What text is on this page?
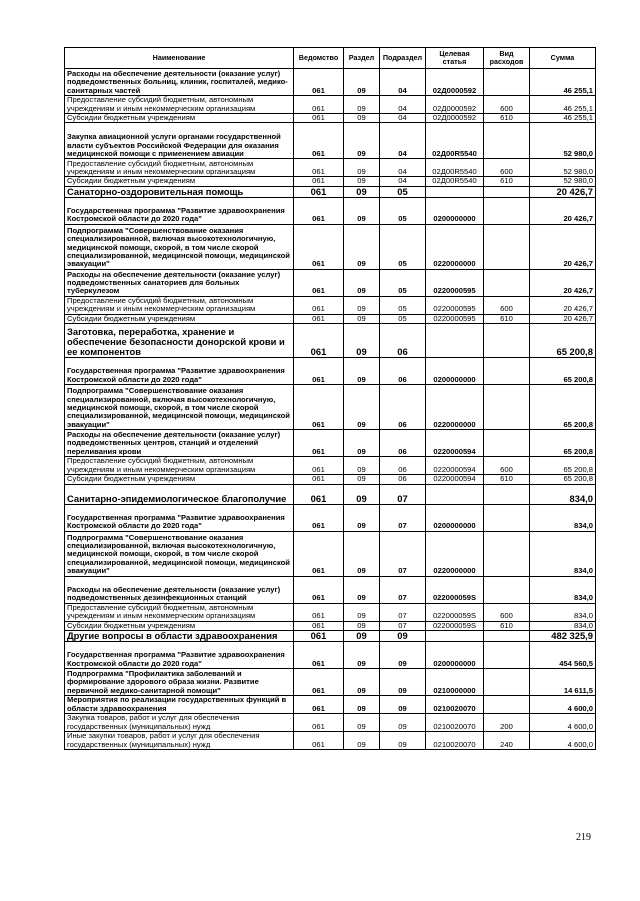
Наименование	Ведомство	Раздел	Подраздел	Целевая статья	Вид расходов	Сумма
Расходы на обеспечение деятельности (оказание услуг) подведомственных больниц, клиник, госпиталей, медико-санитарных частей	061	09	04	02Д0000592		46 255,1
Предоставление субсидий бюджетным, автономным учреждениям и иным некоммерческим организациям	061	09	04	02Д0000592	600	46 255,1
Субсидии бюджетным учреждениям	061	09	04	02Д0000592	610	46 255,1
Закупка авиационной услуги органами государственной власти субъектов Российской Федерации для оказания медицинской помощи с применением авиации	061	09	04	02Д00R5540		52 980,0
Предоставление субсидий бюджетным, автономным учреждениям и иным некоммерческим организациям	061	09	04	02Д00R5540	600	52 980,0
Субсидии бюджетным учреждениям	061	09	04	02Д00R5540	610	52 980,0
Санаторно-оздоровительная помощь	061	09	05			20 426,7
Государственная программа "Развитие здравоохранения Костромской области до 2020 года"	061	09	05	0200000000		20 426,7
Подпрограмма "Совершенствование оказания специализированной, включая высокотехнологичную, медицинской помощи, скорой, в том числе скорой специализированной, медицинской помощи, медицинской эвакуации"	061	09	05	0220000000		20 426,7
Расходы на обеспечение деятельности (оказание услуг) подведомственных санаториев для больных туберкулезом	061	09	05	0220000595		20 426,7
Предоставление субсидий бюджетным, автономным учреждениям и иным некоммерческим организациям	061	09	05	0220000595	600	20 426,7
Субсидии бюджетным учреждениям	061	09	05	0220000595	610	20 426,7
Заготовка, переработка, хранение и обеспечение безопасности донорской крови и ее компонентов	061	09	06			65 200,8
Государственная программа "Развитие здравоохранения Костромской области до 2020 года"	061	09	06	0200000000		65 200,8
Подпрограмма "Совершенствование оказания специализированной, включая высокотехнологичную, медицинской помощи, скорой, в том числе скорой специализированной, медицинской помощи, медицинской эвакуации"	061	09	06	0220000000		65 200,8
Расходы на обеспечение деятельности (оказание услуг) подведомственных центров, станций и отделений переливания крови	061	09	06	0220000594		65 200,8
Предоставление субсидий бюджетным, автономным учреждениям и иным некоммерческим организациям	061	09	06	0220000594	600	65 200,8
Субсидии бюджетным учреждениям	061	09	06	0220000594	610	65 200,8
Санитарно-эпидемиологическое благополучие	061	09	07			834,0
Государственная программа "Развитие здравоохранения Костромской области до 2020 года"	061	09	07	0200000000		834,0
Подпрограмма "Совершенствование оказания специализированной, включая высокотехнологичную, медицинской помощи, скорой, в том числе скорой специализированной, медицинской помощи, медицинской эвакуации"	061	09	07	0220000000		834,0
Расходы на обеспечение деятельности (оказание услуг) подведомственных дезинфекционных станций	061	09	07	022000059S		834,0
Предоставление субсидий бюджетным, автономным учреждениям и иным некоммерческим организациям	061	09	07	022000059S	600	834,0
Субсидии бюджетным учреждениям	061	09	07	022000059S	610	834,0
Другие вопросы в области здравоохранения	061	09	09			482 325,9
Государственная программа "Развитие здравоохранения Костромской области до 2020 года"	061	09	09	0200000000		454 560,5
Подпрограмма "Профилактика заболеваний и формирование здорового образа жизни. Развитие первичной медико-санитарной помощи"	061	09	09	0210000000		14 611,5
Мероприятия по реализации государственных функций в области здравоохранения	061	09	09	0210020070		4 600,0
Закупка товаров, работ и услуг для обеспечения государственных (муниципальных) нужд	061	09	09	0210020070	200	4 600,0
Иные закупки товаров, работ и услуг для обеспечения государственных (муниципальных) нужд	061	09	09	0210020070	240	4 600,0
219
